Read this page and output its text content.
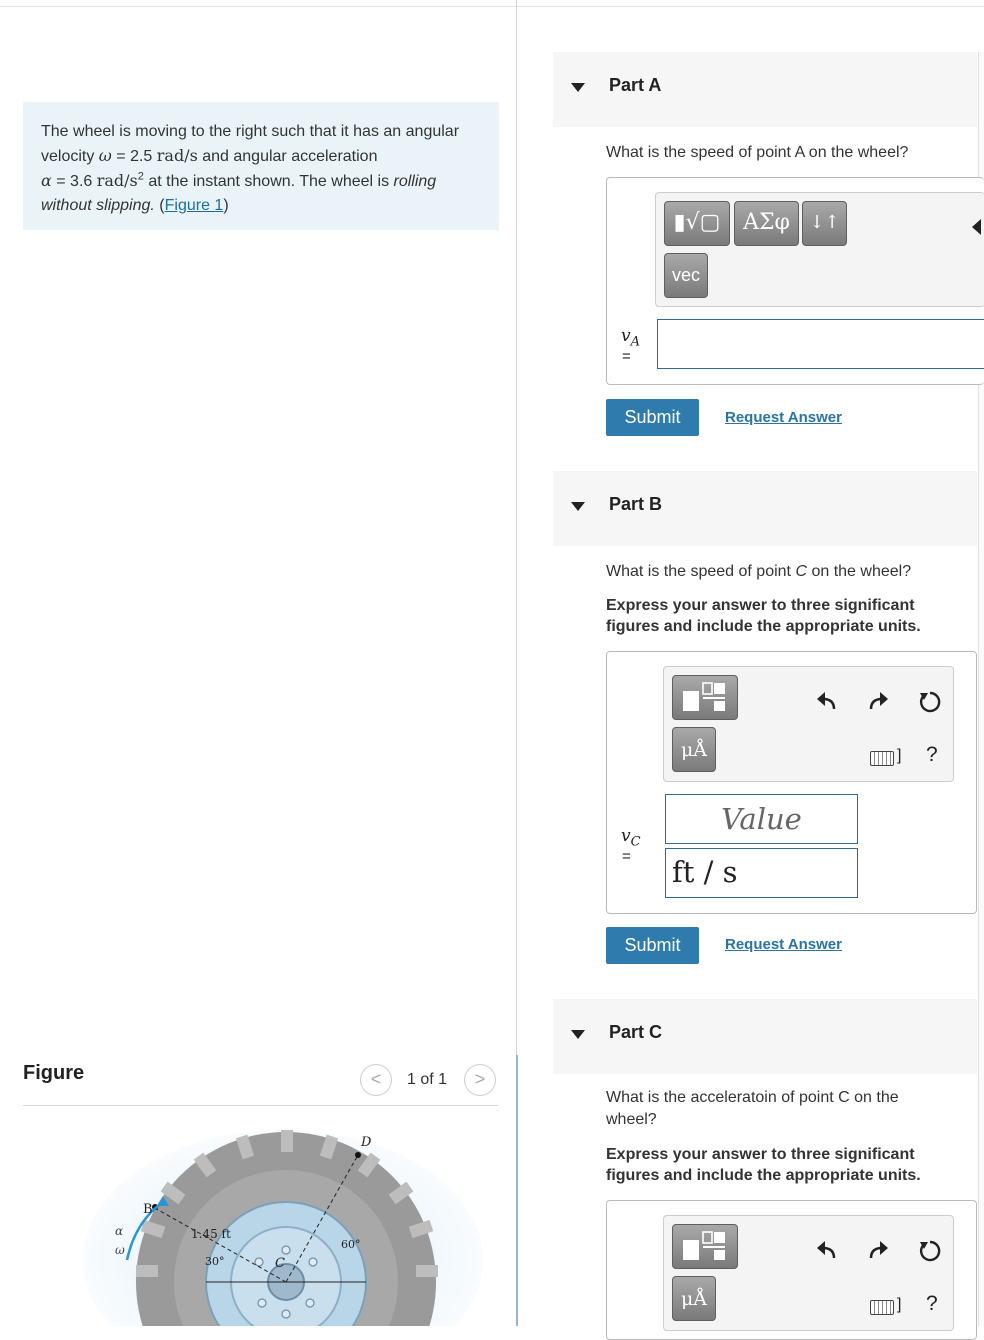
The wheel is moving to the right such that it has an angular velocity ω = 2.5 rad/s and angular acceleration
α = 3.6 rad/$s^2$ at the instant shown. The wheel is rolling
without slipping. (Figure 1)
Figure	<	1 of 1	>
D
B
α
ω
1.45 ft
30°
60°
C
Part A
What is the speed of point A on the wheel?
▮√▢	ΑΣφ	↓↑
vec
$v_A$
=
Submit	Request Answer
Part B
What is the speed of point C on the wheel?
Express your answer to three significant figures and include the appropriate units.
μÅ	] ?
$v_C$
=
Value
ft / s
Submit	Request Answer
Part C
What is the acceleratoin of point C on the wheel?
Express your answer to three significant figures and include the appropriate units.
μÅ	] ?
